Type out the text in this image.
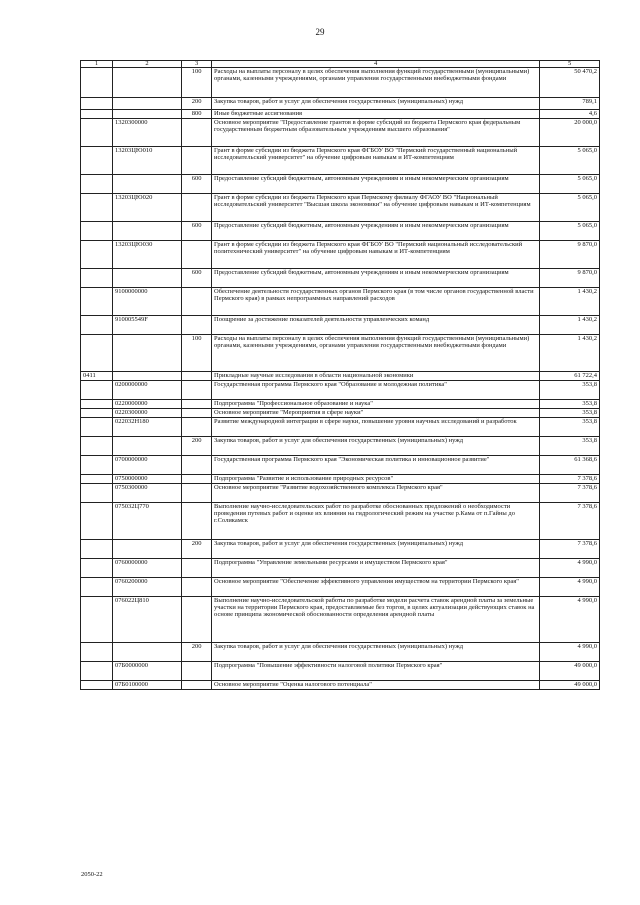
29
1	2	3	4	5
		100	Расходы на выплаты персоналу в целях обеспечения выполнения функций государственными (муниципальными) органами, казенными учреждениями, органами управления государственными внебюджетными фондами	50 470,2
		200	Закупка товаров, работ и услуг для обеспечения государственных (муниципальных) нужд	789,1
		800	Иные бюджетные ассигнования	4,6
	1320300000		Основное мероприятие "Предоставление грантов в форме субсидий из бюджета Пермского края федеральным государственным бюджетным образовательным учреждениям высшего образования"	20 000,0
	13203ЦЮ010		Грант в форме субсидии из бюджета Пермского края ФГБОУ ВО "Пермский государственный национальный исследовательский университет" на обучение цифровым навыкам и ИТ-компетенциям	5 065,0
		600	Предоставление субсидий бюджетным, автономным учреждениям и иным некоммерческим организациям	5 065,0
	13203ЦЮ020		Грант в форме субсидии из бюджета Пермского края Пермскому филиалу ФГАОУ ВО "Национальный исследовательский университет "Высшая школа экономики" на обучение цифровым навыкам и ИТ-компетенциям	5 065,0
		600	Предоставление субсидий бюджетным, автономным учреждениям и иным некоммерческим организациям	5 065,0
	13203ЦЮ030		Грант в форме субсидии из бюджета Пермского края ФГБОУ ВО "Пермский национальный исследовательский политехнический университет" на обучение цифровым навыкам и ИТ-компетенциям	9 870,0
		600	Предоставление субсидий бюджетным, автономным учреждениям и иным некоммерческим организациям	9 870,0
	9100000000		Обеспечение деятельности государственных органов Пермского края (в том числе органов государственной власти Пермского края) в рамках непрограммных направлений расходов	1 430,2
	910005549F		Поощрение за достижение показателей деятельности управленческих команд	1 430,2
		100	Расходы на выплаты персоналу в целях обеспечения выполнения функций государственными (муниципальными) органами, казенными учреждениями, органами управления государственными внебюджетными фондами	1 430,2
0411			Прикладные научные исследования в области национальной экономики	61 722,4
	0200000000		Государственная программа Пермского края "Образование и молодежная политика"	353,8
	0220000000		Подпрограмма "Профессиональное образование и наука"	353,8
	0220300000		Основное мероприятие "Мероприятия в сфере науки"	353,8
	022032Н180		Развитие международной интеграции в сфере науки, повышение уровня научных исследований и разработок	353,8
		200	Закупка товаров, работ и услуг для обеспечения государственных (муниципальных) нужд	353,8
	0700000000		Государственная программа Пермского края "Экономическая политика и инновационное развитие"	61 368,6
	0750000000		Подпрограмма "Развитие и использование природных ресурсов"	7 378,6
	0750300000		Основное мероприятие "Развитие водохозяйственного комплекса Пермского края"	7 378,6
	075032Ц770		Выполнение научно-исследовательских работ по разработке обоснованных предложений о необходимости проведения путевых работ и оценке их влияния на гидрологический режим на участке р.Кама от п.Гайны до г.Соликамск	7 378,6
		200	Закупка товаров, работ и услуг для обеспечения государственных (муниципальных) нужд	7 378,6
	0760000000		Подпрограмма "Управление земельными ресурсами и имуществом Пермского края"	4 990,0
	0760200000		Основное мероприятие "Обеспечение эффективного управления имуществом на территории Пермского края"	4 990,0
	076022Ц810		Выполнение научно-исследовательской работы по разработке модели расчета ставок арендной платы за земельные участки на территории Пермского края, предоставляемые без торгов, в целях актуализации действующих ставок на основе принципа экономической обоснованности определения арендной платы	4 990,0
		200	Закупка товаров, работ и услуг для обеспечения государственных (муниципальных) нужд	4 990,0
	07Б0000000		Подпрограмма "Повышение эффективности налоговой политики Пермского края"	49 000,0
	07Б0100000		Основное мероприятие "Оценка налогового потенциала"	49 000,0
2050-22
